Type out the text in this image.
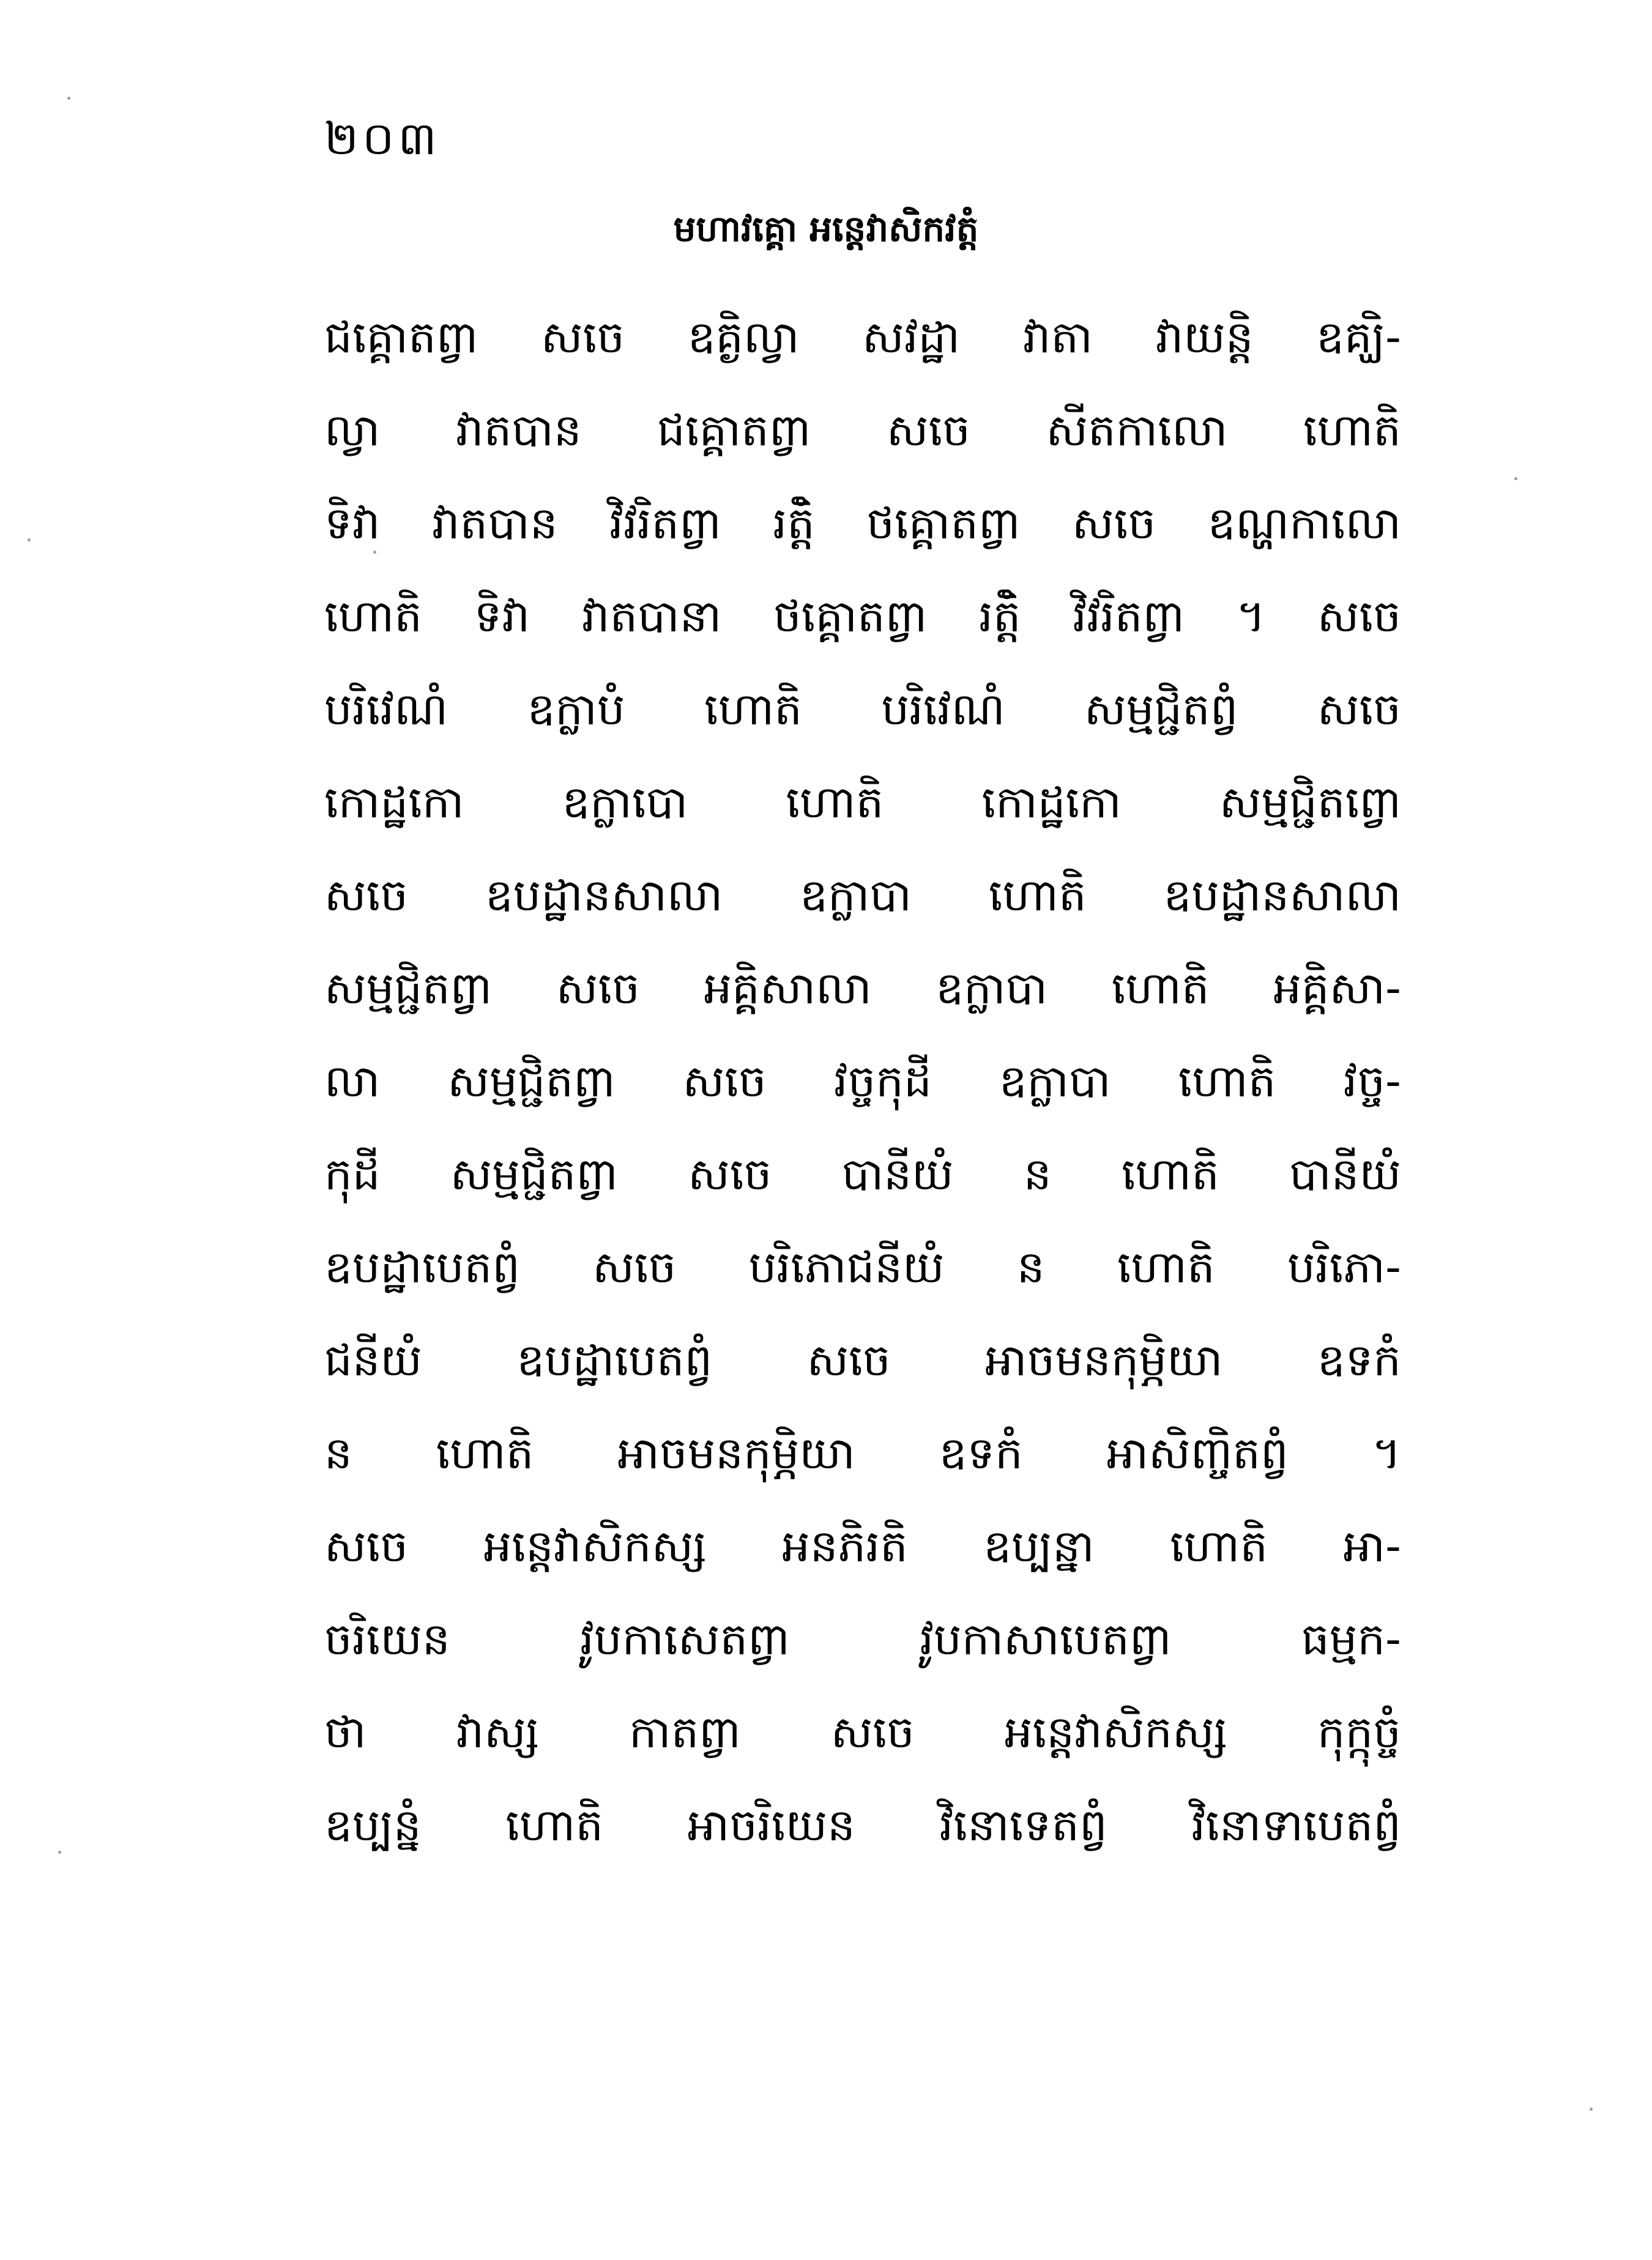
២០៣
មហាវគ្គោ អន្តេវាសិកវត្តំ
ជគ្គោតព្វា សចេ ឧគ្ងិល្វា សវដ្ឋា វាតា វាយន្តិ ឧគ្ឃិ-
ល្វា វាតបាន ជគ្គោតព្វា សចេ សីតកាលោ ហោតិ
ទិវា វាតបាន វិវរិតព្វា រត្តិំ ថគ្គោតព្វា សចេ ឧណ្ហកាលោ
ហោតិ ទិវា វាតបានា ថគ្គោតព្វា រត្តិំ វិវរិតព្វា ។ សចេ
បរិវេណំ ឧក្លាបំ ហោតិ បរិវេណំ សម្មជ្ជិតព្វំ សចេ
កោដ្ឋកោ ឧក្លាបោ ហោតិ កោដ្ឋកោ សម្មជ្ជិតព្វោ
សចេ ឧបដ្ឋានសាលា ឧក្លាបា ហោតិ ឧបដ្ឋានសាលា
សម្មជ្ជិតព្វា សចេ អគ្គិសាលា ឧក្លាបា ហោតិ អគ្គិសា-
លា សម្មជ្ជិតព្វា សចេ វច្ចកុដី ឧក្លាបា ហោតិ វច្ច-
កុដី សម្មជ្ជិតព្វា សចេ បានីយំ ន ហោតិ បានីយំ
ឧបដ្ឋាបេតព្វំ សចេ បរិភោជនីយំ ន ហោតិ បរិភោ-
ជនីយំ ឧបដ្ឋាបេតព្វំ សចេ អាចមនកុម្ភិយា ឧទកំ
ន ហោតិ អាចមនកុម្ភិយា ឧទកំ អាសិញ្ចិតព្វំ ។
សចេ អន្តេវាសិកស្ស អនភិរតិ ឧប្បន្នា ហោតិ អា-
ចរិយេន វូបកាសេតព្វា វូបកាសាបេតព្វា ធម្មក-
ថា វាស្ស កាតព្វា សចេ អន្តេវាសិកស្ស កុក្កុច្ចំ
ឧប្បន្នំ ហោតិ អាចរិយេន វិនោទេតព្វំ វិនោទាបេតព្វំ
